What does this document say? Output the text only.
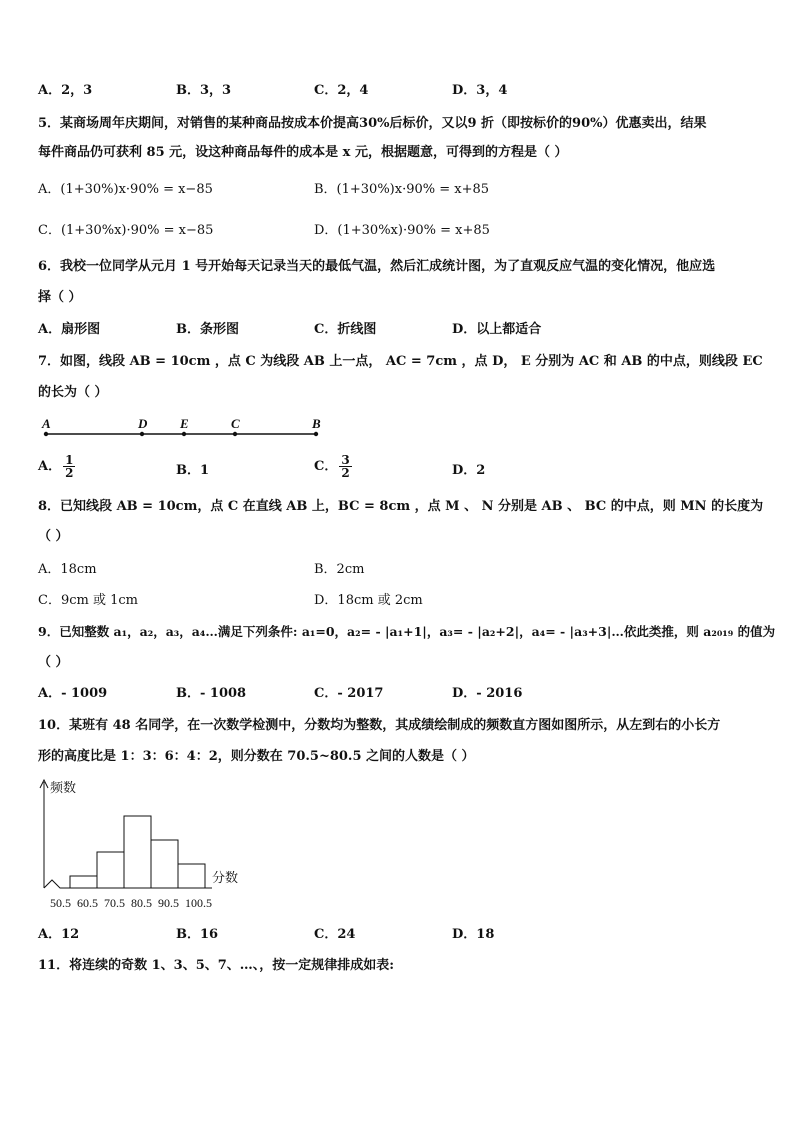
A．2，3	B．3，3	C．2，4	D．3，4
5．某商场周年庆期间，对销售的某种商品按成本价提高30%后标价，又以9 折（即按标价的90%）优惠卖出，结果
每件商品仍可获利 85 元，设这种商品每件的成本是 x 元，根据题意，可得到的方程是（ ）
A．(1+30%)x·90% = x−85	B．(1+30%)x·90% = x+85
C．(1+30%x)·90% = x−85	D．(1+30%x)·90% = x+85
6．我校一位同学从元月 1 号开始每天记录当天的最低气温，然后汇成统计图，为了直观反应气温的变化情况，他应选
择（ ）
A．扇形图	B．条形图	C．折线图	D．以上都适合
7．如图，线段 AB = 10cm ，点 C 为线段 AB 上一点， AC = 7cm ，点 D， E 分别为 AC 和 AB 的中点，则线段 EC
的长为（ ）
A	D	E	C	B
A． $\frac{1}{2}$	B．1	C． $\frac{3}{2}$	D．2
8．已知线段 AB = 10cm，点 C 在直线 AB 上，BC = 8cm ，点 M 、 N 分别是 AB 、 BC 的中点，则 MN 的长度为
（ ）
A．18cm	B．2cm
C．9cm 或 1cm	D．18cm 或 2cm
9．已知整数 a₁，a₂，a₃，a₄…满足下列条件: a₁=0，a₂= - |a₁+1|，a₃= - |a₂+2|，a₄= - |a₃+3|…依此类推，则 a₂₀₁₉ 的值为
（ ）
A．- 1009	B．- 1008	C．- 2017	D．- 2016
10．某班有 48 名同学，在一次数学检测中，分数均为整数，其成绩绘制成的频数直方图如图所示，从左到右的小长方
形的高度比是 1：3：6：4：2，则分数在 70.5~80.5 之间的人数是（ ）
频数
分数
50.5 60.5 70.5 80.5 90.5 100.5
A．12	B．16	C．24	D．18
11．将连续的奇数 1、3、5、7、…、，按一定规律排成如表:
